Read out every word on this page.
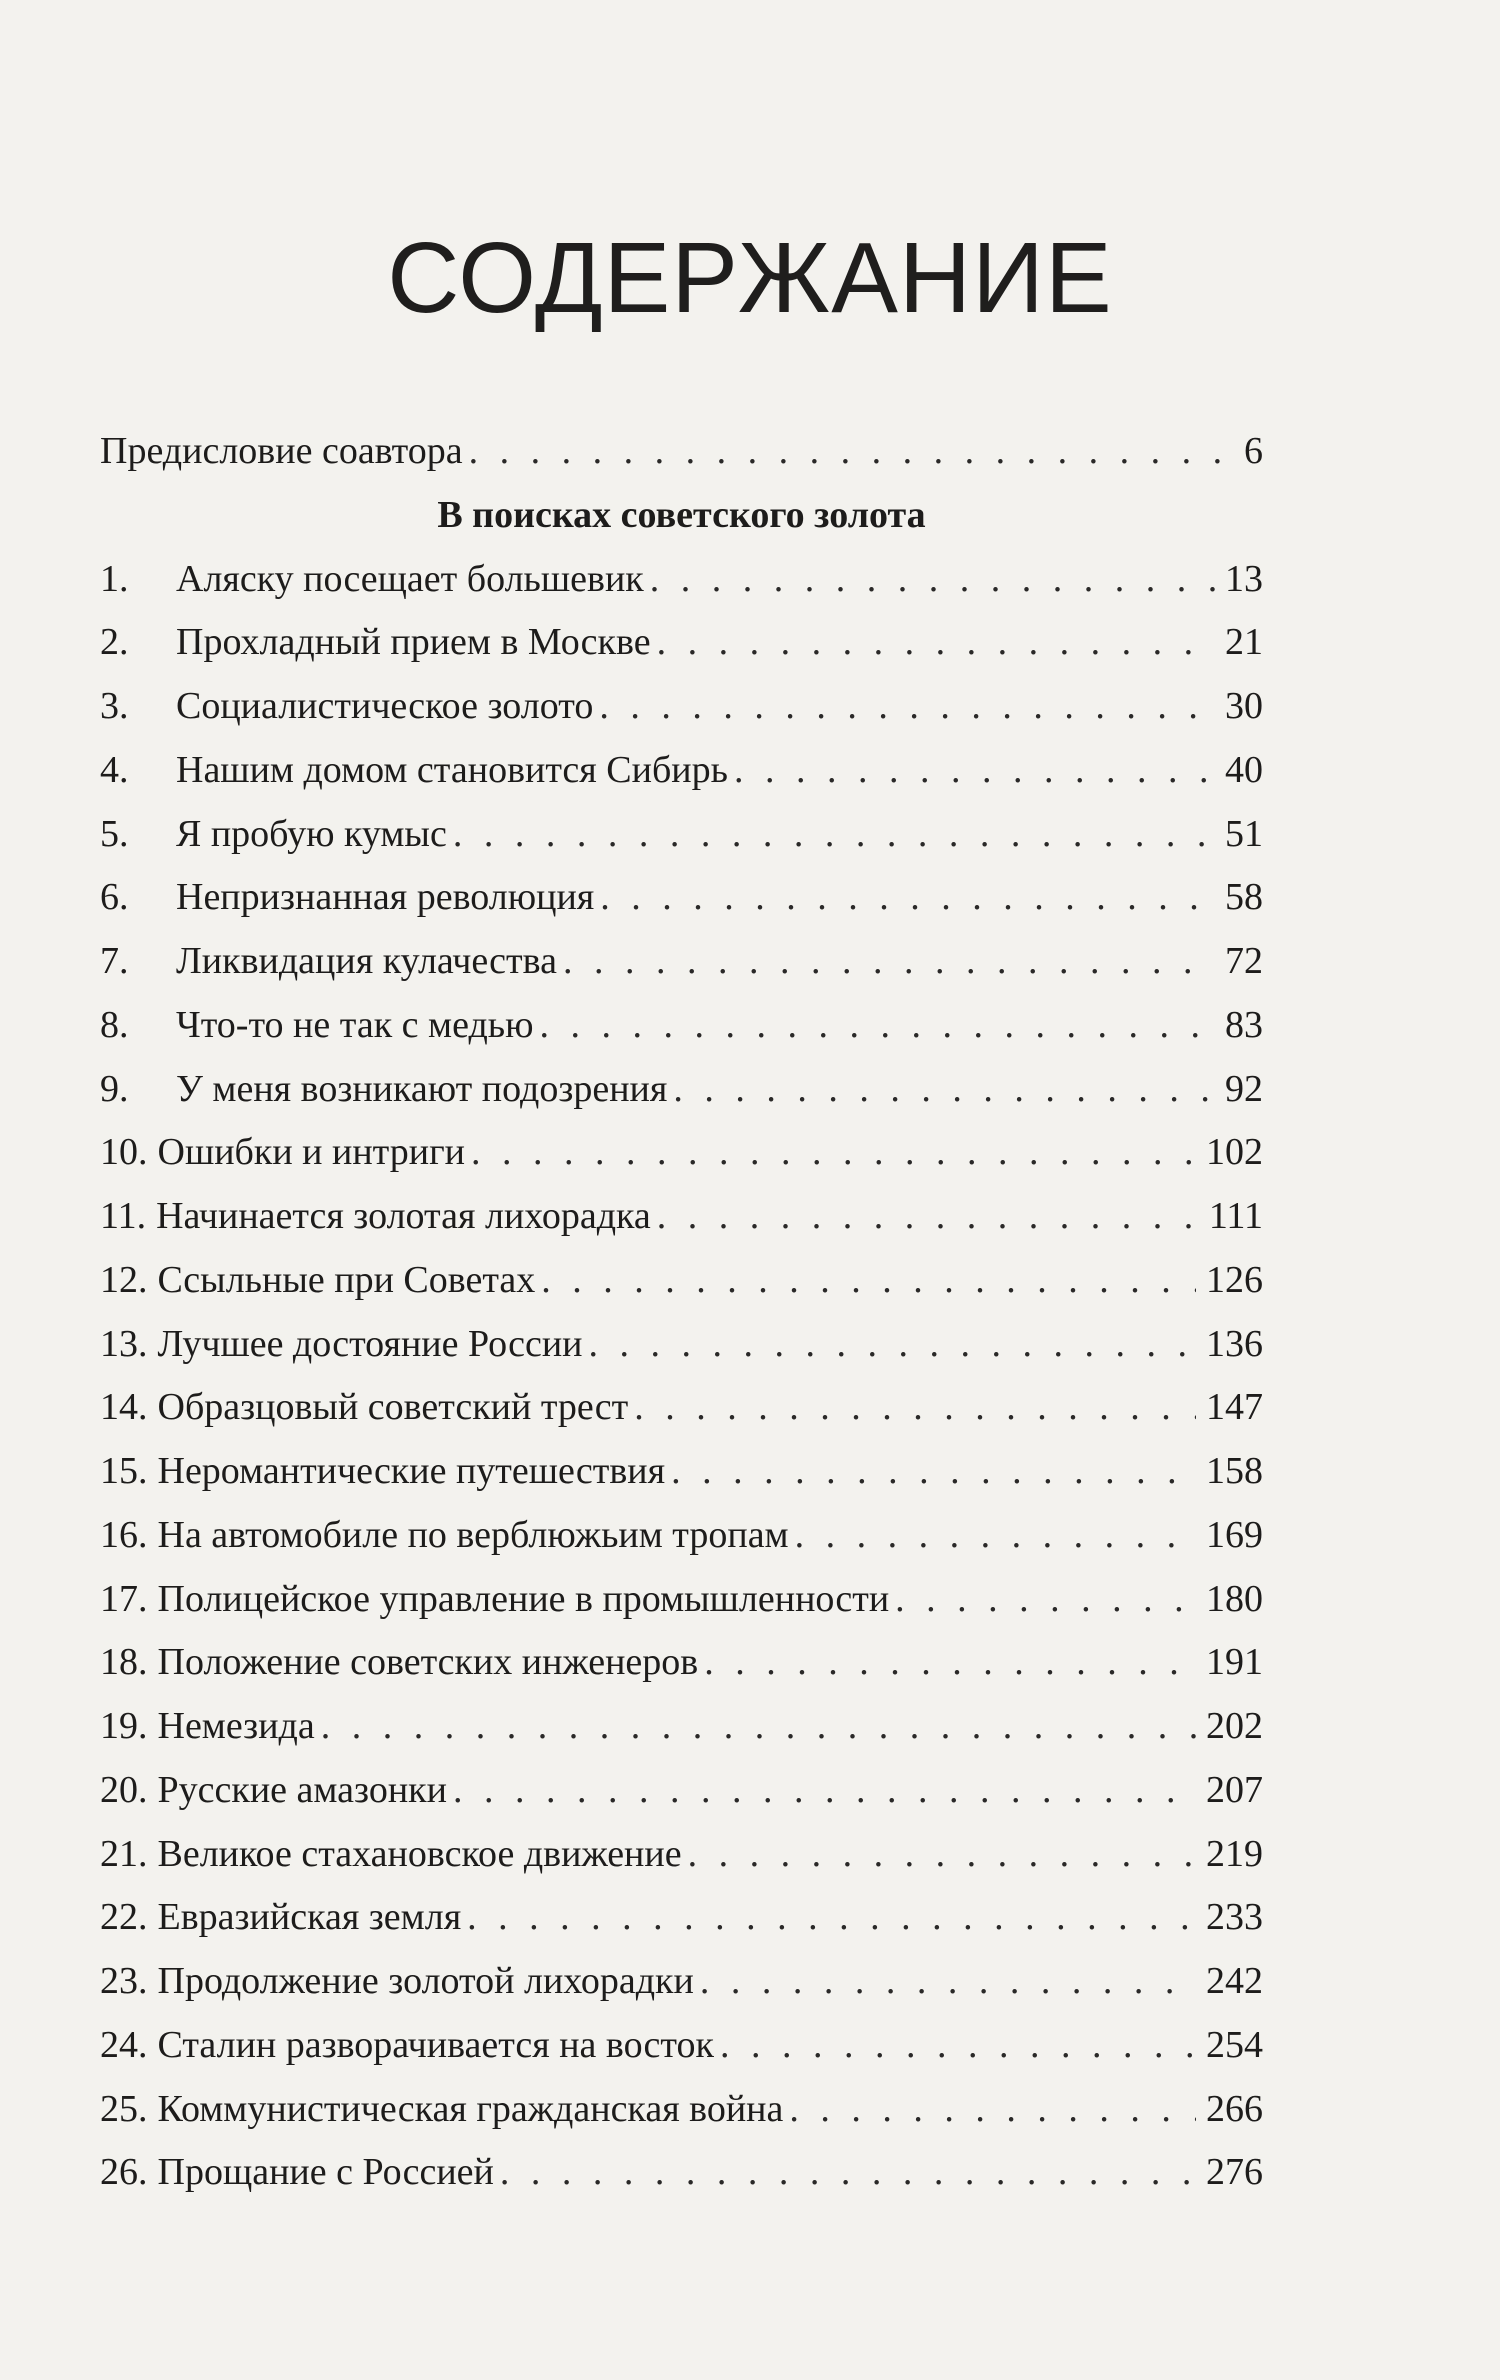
СОДЕРЖАНИЕ
Предисловие соавтора . . .	6
В поисках советского золота
1.	Аляску посещает большевик . . .	13
2.	Прохладный прием в Москве . . .	21
3.	Социалистическое золото . . .	30
4.	Нашим домом становится Сибирь . . .	40
5.	Я пробую кумыс . . .	51
6.	Непризнанная революция . . .	58
7.	Ликвидация кулачества . . .	72
8.	Что-то не так с медью . . .	83
9.	У меня возникают подозрения . . .	92
10. Ошибки и интриги . . .	102
11. Начинается золотая лихорадка . . .	111
12. Ссыльные при Советах . . .	126
13. Лучшее достояние России . . .	136
14. Образцовый советский трест . . .	147
15. Неромантические путешествия . . .	158
16. На автомобиле по верблюжьим тропам . . .	169
17. Полицейское управление в промышленности . . .	180
18. Положение советских инженеров . . .	191
19. Немезида . . .	202
20. Русские амазонки . . .	207
21. Великое стахановское движение . . .	219
22. Евразийская земля . . .	233
23. Продолжение золотой лихорадки . . .	242
24. Сталин разворачивается на восток . . .	254
25. Коммунистическая гражданская война . . .	266
26. Прощание с Россией . . .	276
